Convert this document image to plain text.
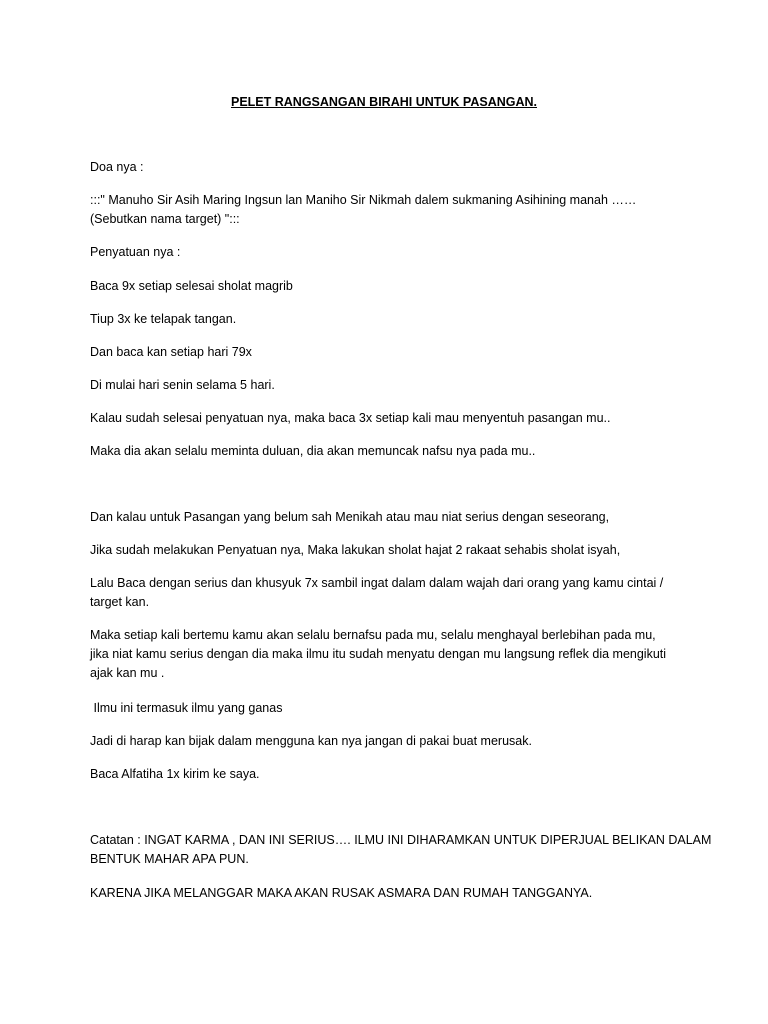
PELET RANGSANGAN BIRAHI UNTUK PASANGAN.
Doa nya :
:::" Manuho Sir Asih Maring Ingsun lan Maniho Sir Nikmah dalem sukmaning Asihining manah ……
(Sebutkan nama target) ":::
Penyatuan nya :
Baca 9x setiap selesai sholat magrib
Tiup 3x ke telapak tangan.
Dan baca kan setiap hari 79x
Di mulai hari senin selama 5 hari.
Kalau sudah selesai penyatuan nya, maka baca 3x setiap kali mau menyentuh pasangan mu..
Maka dia akan selalu meminta duluan, dia akan memuncak nafsu nya pada mu..
Dan kalau untuk Pasangan yang belum sah Menikah atau mau niat serius dengan seseorang,
Jika sudah melakukan Penyatuan nya, Maka lakukan sholat hajat 2 rakaat sehabis sholat isyah,
Lalu Baca dengan serius dan khusyuk 7x sambil ingat dalam dalam wajah dari orang yang kamu cintai /
target kan.
Maka setiap kali bertemu kamu akan selalu bernafsu pada mu, selalu menghayal berlebihan pada mu,
jika niat kamu serius dengan dia maka ilmu itu sudah menyatu dengan mu langsung reflek dia mengikuti
ajak kan mu .
Ilmu ini termasuk ilmu yang ganas
Jadi di harap kan bijak dalam mengguna kan nya jangan di pakai buat merusak.
Baca Alfatiha 1x kirim ke saya.
Catatan : INGAT KARMA , DAN INI SERIUS…. ILMU INI DIHARAMKAN UNTUK DIPERJUAL BELIKAN DALAM
BENTUK MAHAR APA PUN.
KARENA JIKA MELANGGAR MAKA AKAN RUSAK ASMARA DAN RUMAH TANGGANYA.
